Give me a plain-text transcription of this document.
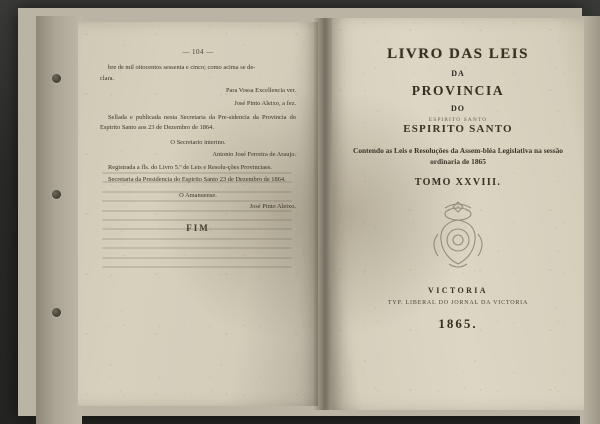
— 104 —

bre de mil oitocentos sessenta e cinco; como acima se de-

clara.

Para Vossa Excellencia ver.

José Pinto Aleixo, a fez.

Sellada e publicada nesta Secretaria da Pre-sidencia da Provincia do Espirito Santo aos 23 de Dezembro de 1864.

O Secretario interino.

Antonio José Ferreira de Araujo.

Registrada a fls. do Livro 5.º de Leis e Resolu-ções Provinciaes.

Secretaria da Presidencia do Espirito Santo 23 de Dezembro de 1864.

O Amanuense.

José Pinto Aleixo.

FIM
LIVRO DAS LEIS
DA
PROVINCIA
DO
ESPIRITO SANTO
ESPIRITO SANTO
Contendo as Leis e Resoluções da Assem-bléa Legislativa na sessão ordinaria de 1865
TOMO XXVIII.
VICTORIA
TYP. LIBERAL DO JORNAL DA VICTORIA
1865.
